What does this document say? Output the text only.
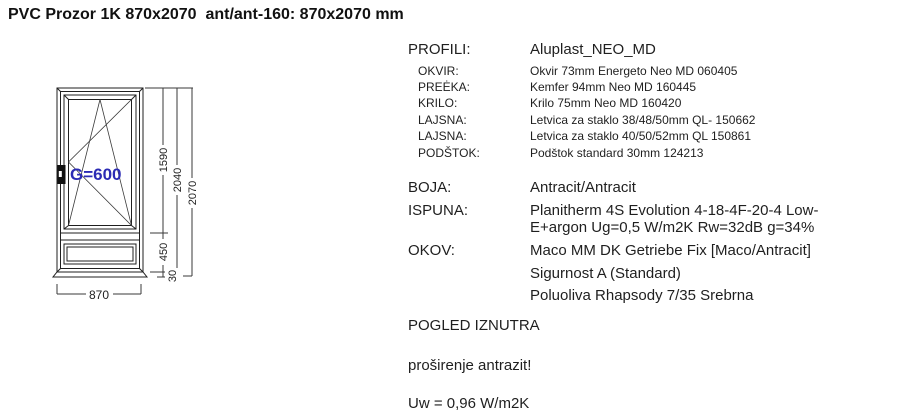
PVC Prozor 1K 870x2070  ant/ant-160: 870x2070 mm
G=600
1590
450
30
2040
2070
870
PROFILI:	Aluplast_NEO_MD
OKVIR:	Okvir 73mm Energeto Neo MD 060405
PREĖKA:	Kemfer 94mm Neo MD 160445
KRILO:	Krilo 75mm Neo MD 160420
LAJSNA:	Letvica za staklo 38/48/50mm QL- 150662
LAJSNA:	Letvica za staklo 40/50/52mm QL 150861
PODŠTOK:	Podštok standard 30mm 124213
BOJA:	Antracit/Antracit
ISPUNA:	Planitherm 4S Evolution 4-18-4F-20-4 Low-
E+argon Ug=0,5 W/m2K Rw=32dB g=34%
OKOV:	Maco MM DK Getriebe Fix [Maco/Antracit]
Sigurnost A (Standard)
Poluoliva Rhapsody 7/35 Srebrna
POGLED IZNUTRA
proširenje antrazit!
Uw = 0,96 W/m2K
